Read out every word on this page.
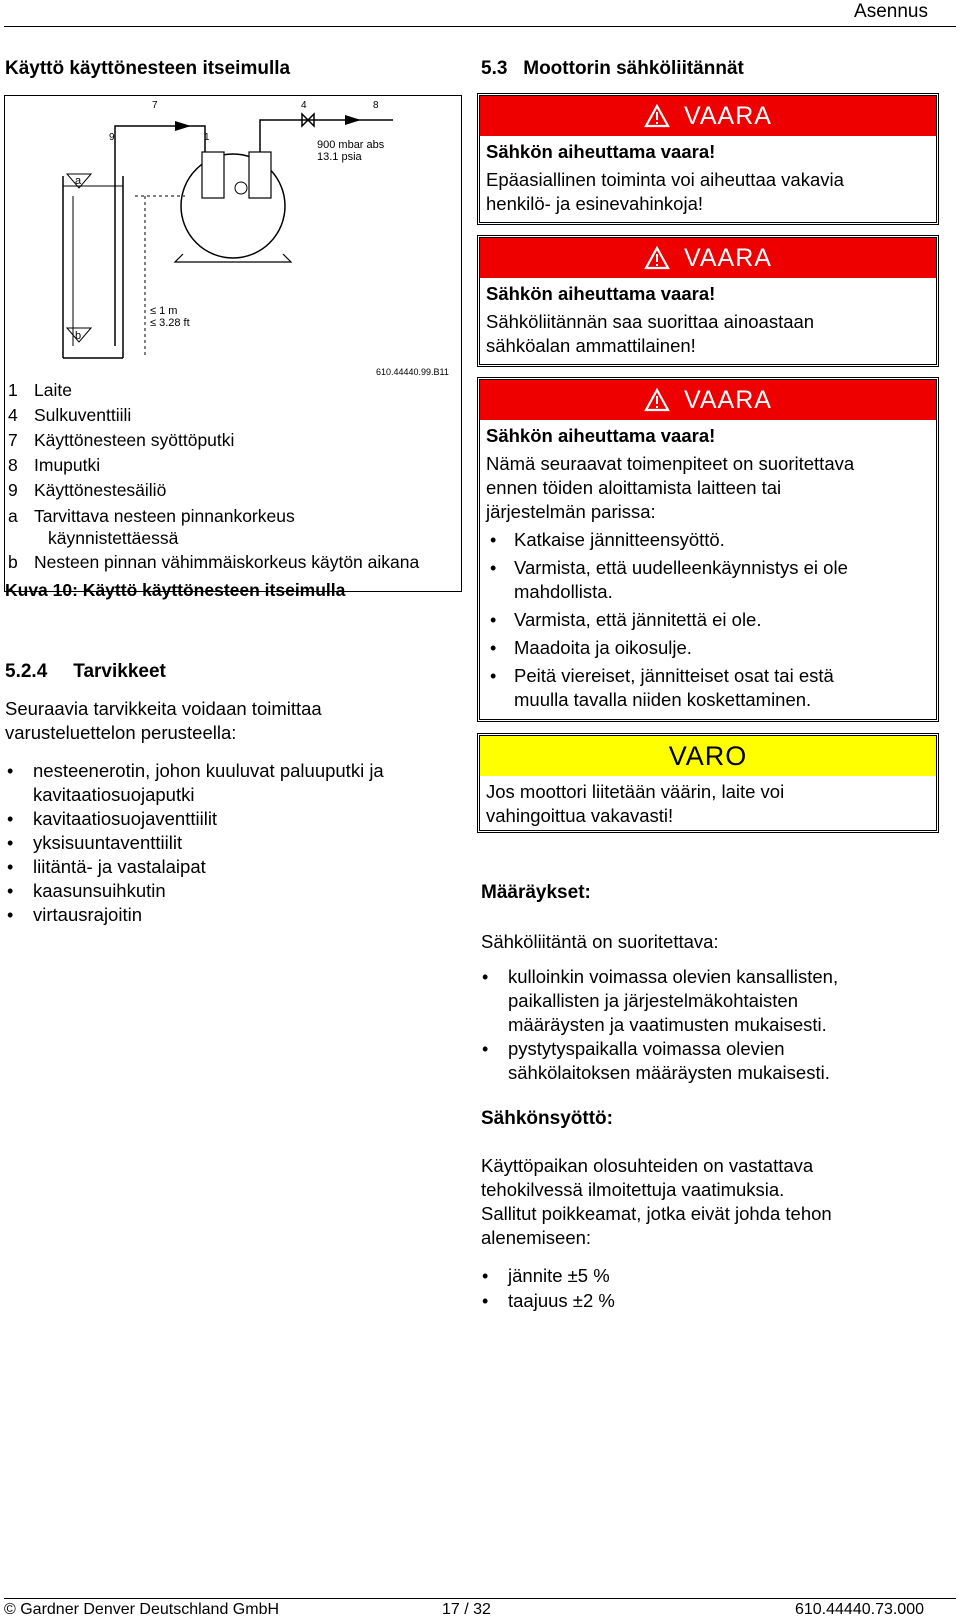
Asennus
Käyttö käyttönesteen itseimulla
a
b
7	4	8
9	1
900 mbar abs
13.1 psia
≤ 1 m
≤ 3.28 ft
610.44440.99.B11
1 Laite
4 Sulkuventtiili
7 Käyttönesteen syöttöputki
8 Imuputki
9 Käyttönestesäiliö
a Tarvittava nesteen pinnankorkeus
käynnistettäessä
b Nesteen pinnan vähimmäiskorkeus käytön aikana
Kuva 10: Käyttö käyttönesteen itseimulla
5.2.4 Tarvikkeet
Seuraavia tarvikkeita voidaan toimittaa
varusteluettelon perusteella:
• nesteenerotin, johon kuuluvat paluuputki ja
kavitaatiosuojaputki
• kavitaatiosuojaventtiilit
• yksisuuntaventtiilit
• liitäntä- ja vastalaipat
• kaasunsuihkutin
• virtausrajoitin
5.3   Moottorin sähköliitännät
VAARA
Sähkön aiheuttama vaara!
Epäasiallinen toiminta voi aiheuttaa vakavia
henkilö- ja esinevahinkoja!
VAARA
Sähkön aiheuttama vaara!
Sähköliitännän saa suorittaa ainoastaan
sähköalan ammattilainen!
VAARA
Sähkön aiheuttama vaara!
Nämä seuraavat toimenpiteet on suoritettava
ennen töiden aloittamista laitteen tai
järjestelmän parissa:
• Katkaise jännitteensyöttö.
• Varmista, että uudelleenkäynnistys ei ole
mahdollista.
• Varmista, että jännitettä ei ole.
• Maadoita ja oikosulje.
• Peitä viereiset, jännitteiset osat tai estä
muulla tavalla niiden koskettaminen.
VARO
Jos moottori liitetään väärin, laite voi
vahingoittua vakavasti!
Määräykset:
Sähköliitäntä on suoritettava:
• kulloinkin voimassa olevien kansallisten,
paikallisten ja järjestelmäkohtaisten
määräysten ja vaatimusten mukaisesti.
• pystytyspaikalla voimassa olevien
sähkölaitoksen määräysten mukaisesti.
Sähkönsyöttö:
Käyttöpaikan olosuhteiden on vastattava
tehokilvessä ilmoitettuja vaatimuksia.
Sallitut poikkeamat, jotka eivät johda tehon
alenemiseen:
• jännite ±5 %
• taajuus ±2 %
© Gardner Denver Deutschland GmbH	17 / 32	610.44440.73.000
